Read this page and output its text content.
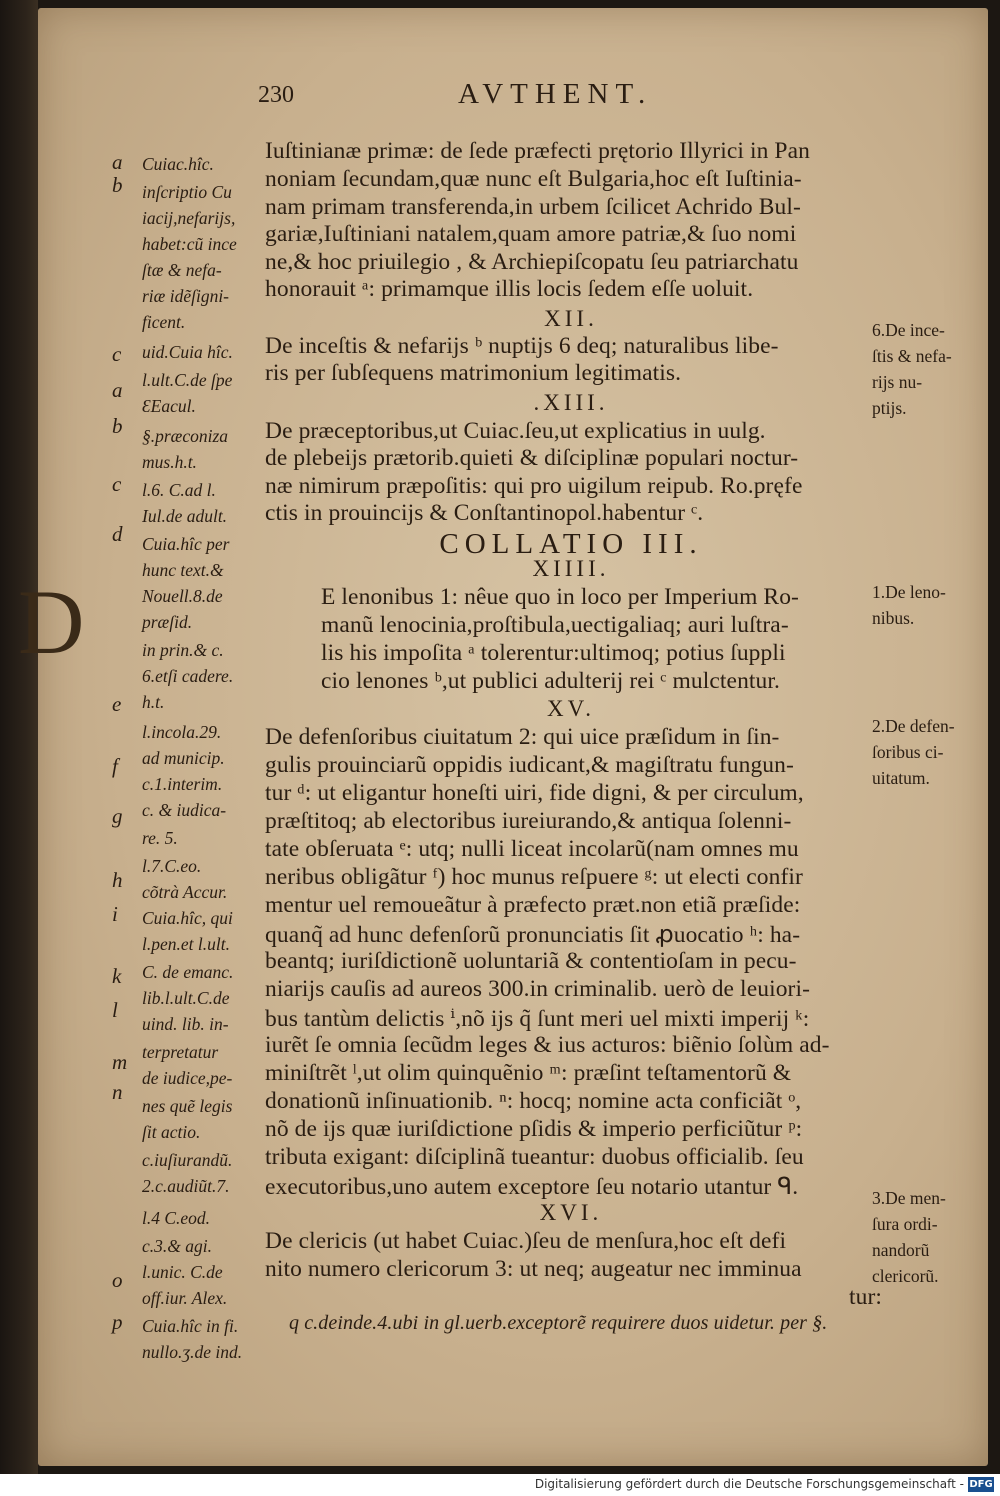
230	AVTHENT.
a
b
c
a
b
c
d
e
f
g
h
i
k
l
m
n
o
p
Cuiac.hîc.
inſcriptio Cu
iacij,nefarijs,
habet:cũ ince
ſtæ & nefa-
riæ idẽſigni-
ficent.
uid.Cuia hîc.
l.ult.C.de ſpe
ƐEacul.
§.præconiza
mus.h.t.
l.6. C.ad l.
Iul.de adult.
Cuia.hîc per
hunc text.&
Nouell.8.de
præſid.
in prin.& c.
6.etſi cadere.
h.t.
l.incola.29.
ad municip.
c.1.interim.
c. & iudica-
re. 5.
l.7.C.eo.
cõtrà Accur.
Cuia.hîc, qui
l.pen.et l.ult.
C. de emanc.
lib.l.ult.C.de
uind. lib. in-
terpretatur
de iudice,pe-
nes quẽ legis
ſit actio.
c.iuſiurandũ.
2.c.audiũt.7.
l.4 C.eod.
c.3.& agi.
l.unic. C.de
off.iur. Alex.
Cuia.hîc in fi.
nullo.ʒ.de ind.
Iuſtinianæ primæ: de ſede præfecti prętorio Illyrici in Pan
noniam ſecundam,quæ nunc eſt Bulgaria,hoc eſt Iuſtinia-
nam primam transferenda,in urbem ſcilicet Achrido Bul-
gariæ,Iuſtiniani natalem,quam amore patriæ,& ſuo nomi
ne,& hoc priuilegio , & Archiepiſcopatu ſeu patriarchatu
honorauit ᵃ: primamque illis locis ſedem eſſe uoluit.
XII.
De inceſtis & nefarijs ᵇ nuptijs 6 deq; naturalibus libe-
ris per ſubſequens matrimonium legitimatis.
.XIII.
De præceptoribus,ut Cuiac.ſeu,ut explicatius in uulg.
de plebeijs prætorib.quieti & diſciplinæ populari noctur-
næ nimirum præpoſitis: qui pro uigilum reipub. Ro.pręfe
ctis in prouincijs & Conſtantinopol.habentur ᶜ.
COLLATIO III.
XIIII.
E lenonibus 1: nêue quo in loco per Imperium Ro-
manũ lenocinia,proſtibula,uectigaliaq; auri luſtra-
lis his impoſita ᵃ tolerentur:ultimoq; potius ſuppli
cio lenones ᵇ,ut publici adulterij rei ᶜ mulctentur.
XV.
De defenſoribus ciuitatum 2: qui uice præſidum in ſin-
gulis prouinciarũ oppidis iudicant,& magiſtratu fungun-
tur ᵈ: ut eligantur honeſti uiri, fide digni, & per circulum,
præſtitoq; ab electoribus iureiurando,& antiqua ſolenni-
tate obſeruata ᵉ: utq; nulli liceat incolarũ(nam omnes mu
neribus obligãtur ᶠ) hoc munus reſpuere ᵍ: ut electi confir
mentur uel remoueãtur à præfecto præt.non etiã præſide:
quanq̃ ad hunc defenſorũ pronunciatis ſit ꝓuocatio ʰ: ha-
beantq; iuriſdictionẽ uoluntariã & contentioſam in pecu-
niarijs cauſis ad aureos 300.in criminalib. uerò de leuiori-
bus tantùm delictis ⁱ,nõ ijs q̃ ſunt meri uel mixti imperij ᵏ:
iurẽt ſe omnia ſecũdm leges & ius acturos: biẽnio ſolùm ad-
miniſtrẽt ˡ,ut olim quinquẽnio ᵐ: præſint teſtamentorũ &
donationũ inſinuationib. ⁿ: hocq; nomine acta conficiãt ᵒ,
nõ de ijs quæ iuriſdictione pſidis & imperio perficiũtur ᵖ:
tributa exigant: diſciplinã tueantur: duobus officialib. ſeu
executoribus,uno autem exceptore ſeu notario utantur ᑫ.
XVI.
De clericis (ut habet Cuiac.)ſeu de menſura,hoc eſt defi
nito numero clericorum 3: ut neq; augeatur nec imminua
tur:
q c.deinde.4.ubi in gl.uerb.exceptorẽ requirere duos uidetur. per §.
D
6.De ince-
ſtis & nefa-
rijs nu-
ptijs.
1.De leno-
nibus.
2.De defen-
ſoribus ci-
uitatum.
3.De men-
ſura ordi-
nandorũ
clericorũ.
Digitalisierung gefördert durch die Deutsche Forschungsgemeinschaft - DFG
